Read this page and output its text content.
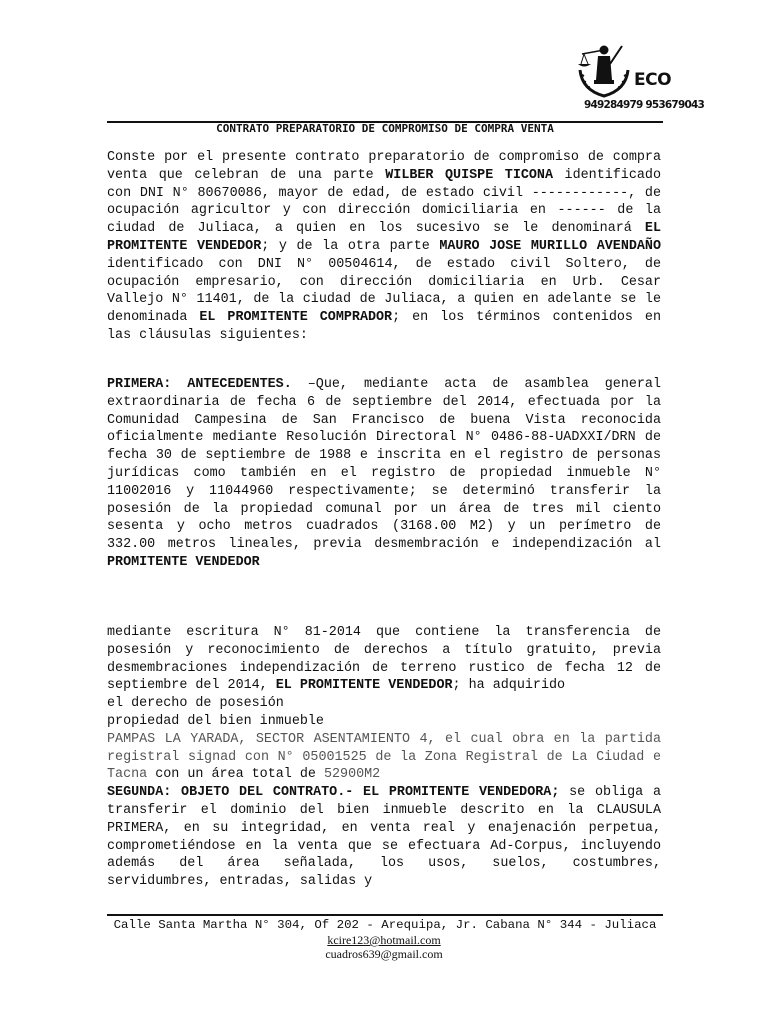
ECO
949284979 953679043
CONTRATO PREPARATORIO DE COMPROMISO DE COMPRA VENTA
Conste por el presente contrato preparatorio de compromiso de compra venta que celebran de una parte WILBER QUISPE TICONA identificado con DNI N° 80670086, mayor de edad, de estado civil ------------, de ocupación agricultor y con dirección domiciliaria en ------ de la ciudad de Juliaca, a quien en los sucesivo se le denominará EL PROMITENTE VENDEDOR; y de la otra parte MAURO JOSE MURILLO AVENDAÑO identificado con DNI N° 00504614, de estado civil Soltero, de ocupación empresario, con dirección domiciliaria en Urb. Cesar Vallejo N° 11401, de la ciudad de Juliaca, a quien en adelante se le denominada EL PROMITENTE COMPRADOR; en los términos contenidos en las cláusulas siguientes:
PRIMERA: ANTECEDENTES. –Que, mediante acta de asamblea general extraordinaria de fecha 6 de septiembre del 2014, efectuada por la Comunidad Campesina de San Francisco de buena Vista reconocida oficialmente mediante Resolución Directoral N° 0486-88-UADXXI/DRN de fecha 30 de septiembre de 1988 e inscrita en el registro de personas jurídicas como también en el registro de propiedad inmueble N° 11002016 y 11044960 respectivamente; se determinó transferir la posesión de la propiedad comunal por un área de tres mil ciento sesenta y ocho metros cuadrados (3168.00 M2) y un perímetro de 332.00 metros lineales, previa desmembración e independización al PROMITENTE VENDEDOR
mediante escritura N° 81-2014 que contiene la transferencia de posesión y reconocimiento de derechos a título gratuito, previa desmembraciones independización de terreno rustico de fecha 12 de septiembre del 2014, EL PROMITENTE VENDEDOR; ha adquirido
el derecho de posesión
propiedad del bien inmueble
PAMPAS LA YARADA, SECTOR ASENTAMIENTO 4, el cual obra en la partida registral signad con N° 05001525 de la Zona Registral de La Ciudad e Tacna con un área total de 52900M2
SEGUNDA: OBJETO DEL CONTRATO.- EL PROMITENTE VENDEDORA; se obliga a transferir el dominio del bien inmueble descrito en la CLAUSULA PRIMERA, en su integridad, en venta real y enajenación perpetua, comprometiéndose en la venta que se efectuara Ad-Corpus, incluyendo además del área señalada, los usos, suelos, costumbres, servidumbres, entradas, salidas y
Calle Santa Martha N° 304, Of 202 - Arequipa, Jr. Cabana N° 344 - Juliaca
kcire123@hotmail.com
cuadros639@gmail.com
